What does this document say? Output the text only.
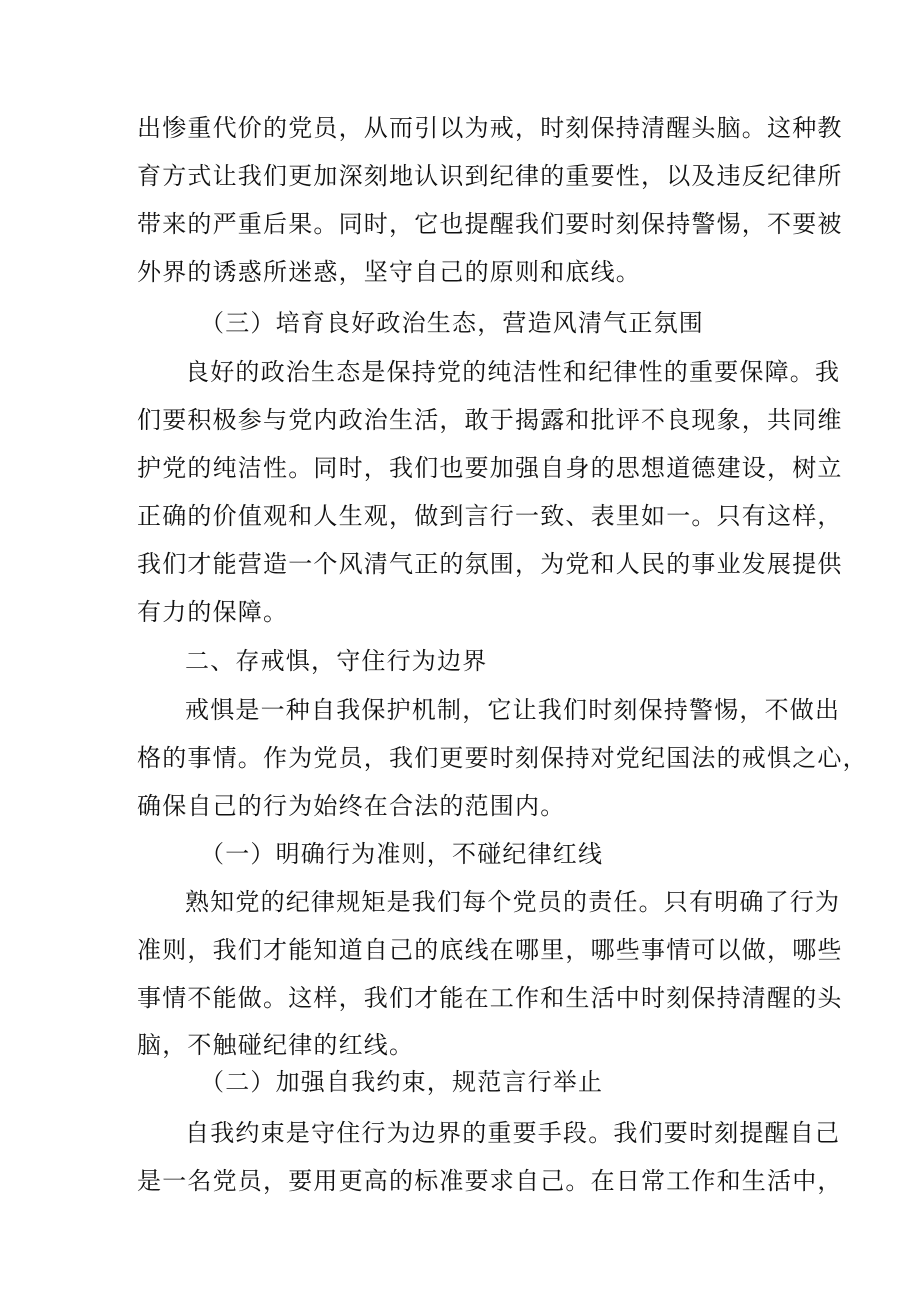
出惨重代价的党员，从而引以为戒，时刻保持清醒头脑。这种教
育方式让我们更加深刻地认识到纪律的重要性，以及违反纪律所
带来的严重后果。同时，它也提醒我们要时刻保持警惕，不要被
外界的诱惑所迷惑，坚守自己的原则和底线。
（三）培育良好政治生态，营造风清气正氛围
良好的政治生态是保持党的纯洁性和纪律性的重要保障。我
们要积极参与党内政治生活，敢于揭露和批评不良现象，共同维
护党的纯洁性。同时，我们也要加强自身的思想道德建设，树立
正确的价值观和人生观，做到言行一致、表里如一。只有这样，
我们才能营造一个风清气正的氛围，为党和人民的事业发展提供
有力的保障。
二、存戒惧，守住行为边界
戒惧是一种自我保护机制，它让我们时刻保持警惕，不做出
格的事情。作为党员，我们更要时刻保持对党纪国法的戒惧之心，
确保自己的行为始终在合法的范围内。
（一）明确行为准则，不碰纪律红线
熟知党的纪律规矩是我们每个党员的责任。只有明确了行为
准则，我们才能知道自己的底线在哪里，哪些事情可以做，哪些
事情不能做。这样，我们才能在工作和生活中时刻保持清醒的头
脑，不触碰纪律的红线。
（二）加强自我约束，规范言行举止
自我约束是守住行为边界的重要手段。我们要时刻提醒自己
是一名党员，要用更高的标准要求自己。在日常工作和生活中，
